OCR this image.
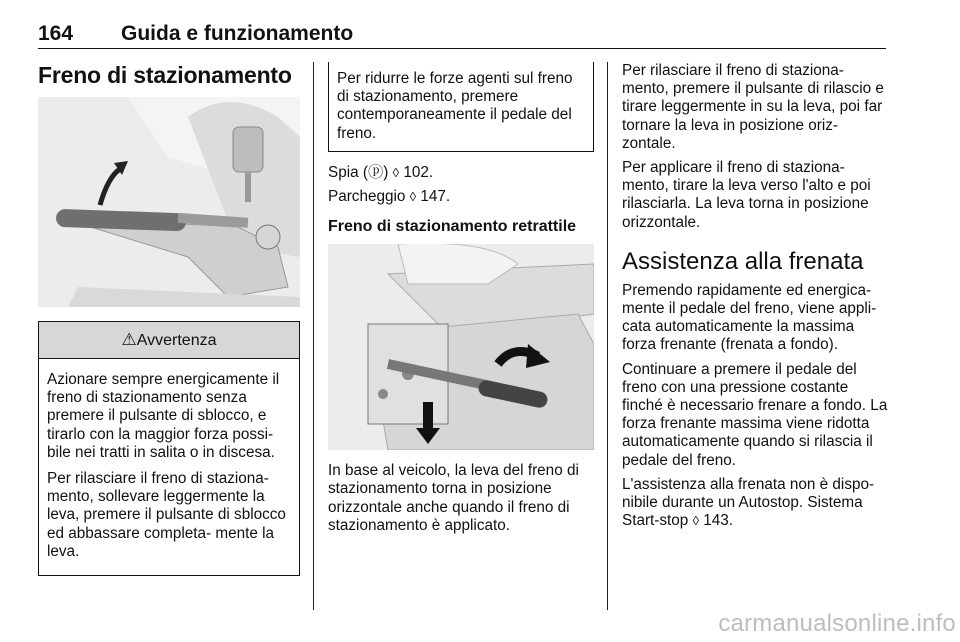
164 Guida e funzionamento
Freno di stazionamento
⚠Avvertenza

Azionare sempre energicamente il freno di stazionamento senza premere il pulsante di sblocco, e tirarlo con la maggior forza possi- bile nei tratti in salita o in discesa.

Per rilasciare il freno di staziona- mento, sollevare leggermente la leva, premere il pulsante di sblocco ed abbassare completa- mente la leva.

Per ridurre le forze agenti sul freno di stazionamento, premere contemporaneamente il pedale del freno.

Spia (ⓟ) ◊ 102.

Parcheggio ◊ 147.

Freno di stazionamento retrattile

In base al veicolo, la leva del freno di stazionamento torna in posizione orizzontale anche quando il freno di stazionamento è applicato.

Per rilasciare il freno di staziona- mento, premere il pulsante di rilascio e tirare leggermente in su la leva, poi far tornare la leva in posizione oriz- zontale.

Per applicare il freno di staziona- mento, tirare la leva verso l'alto e poi rilasciarla. La leva torna in posizione orizzontale.

Assistenza alla frenata

Premendo rapidamente ed energica- mente il pedale del freno, viene appli- cata automaticamente la massima forza frenante (frenata a fondo).

Continuare a premere il pedale del freno con una pressione costante finché è necessario frenare a fondo. La forza frenante massima viene ridotta automaticamente quando si rilascia il pedale del freno.

L'assistenza alla frenata non è dispo- nibile durante un Autostop. Sistema Start-stop ◊ 143.

carmanualsonline.info
